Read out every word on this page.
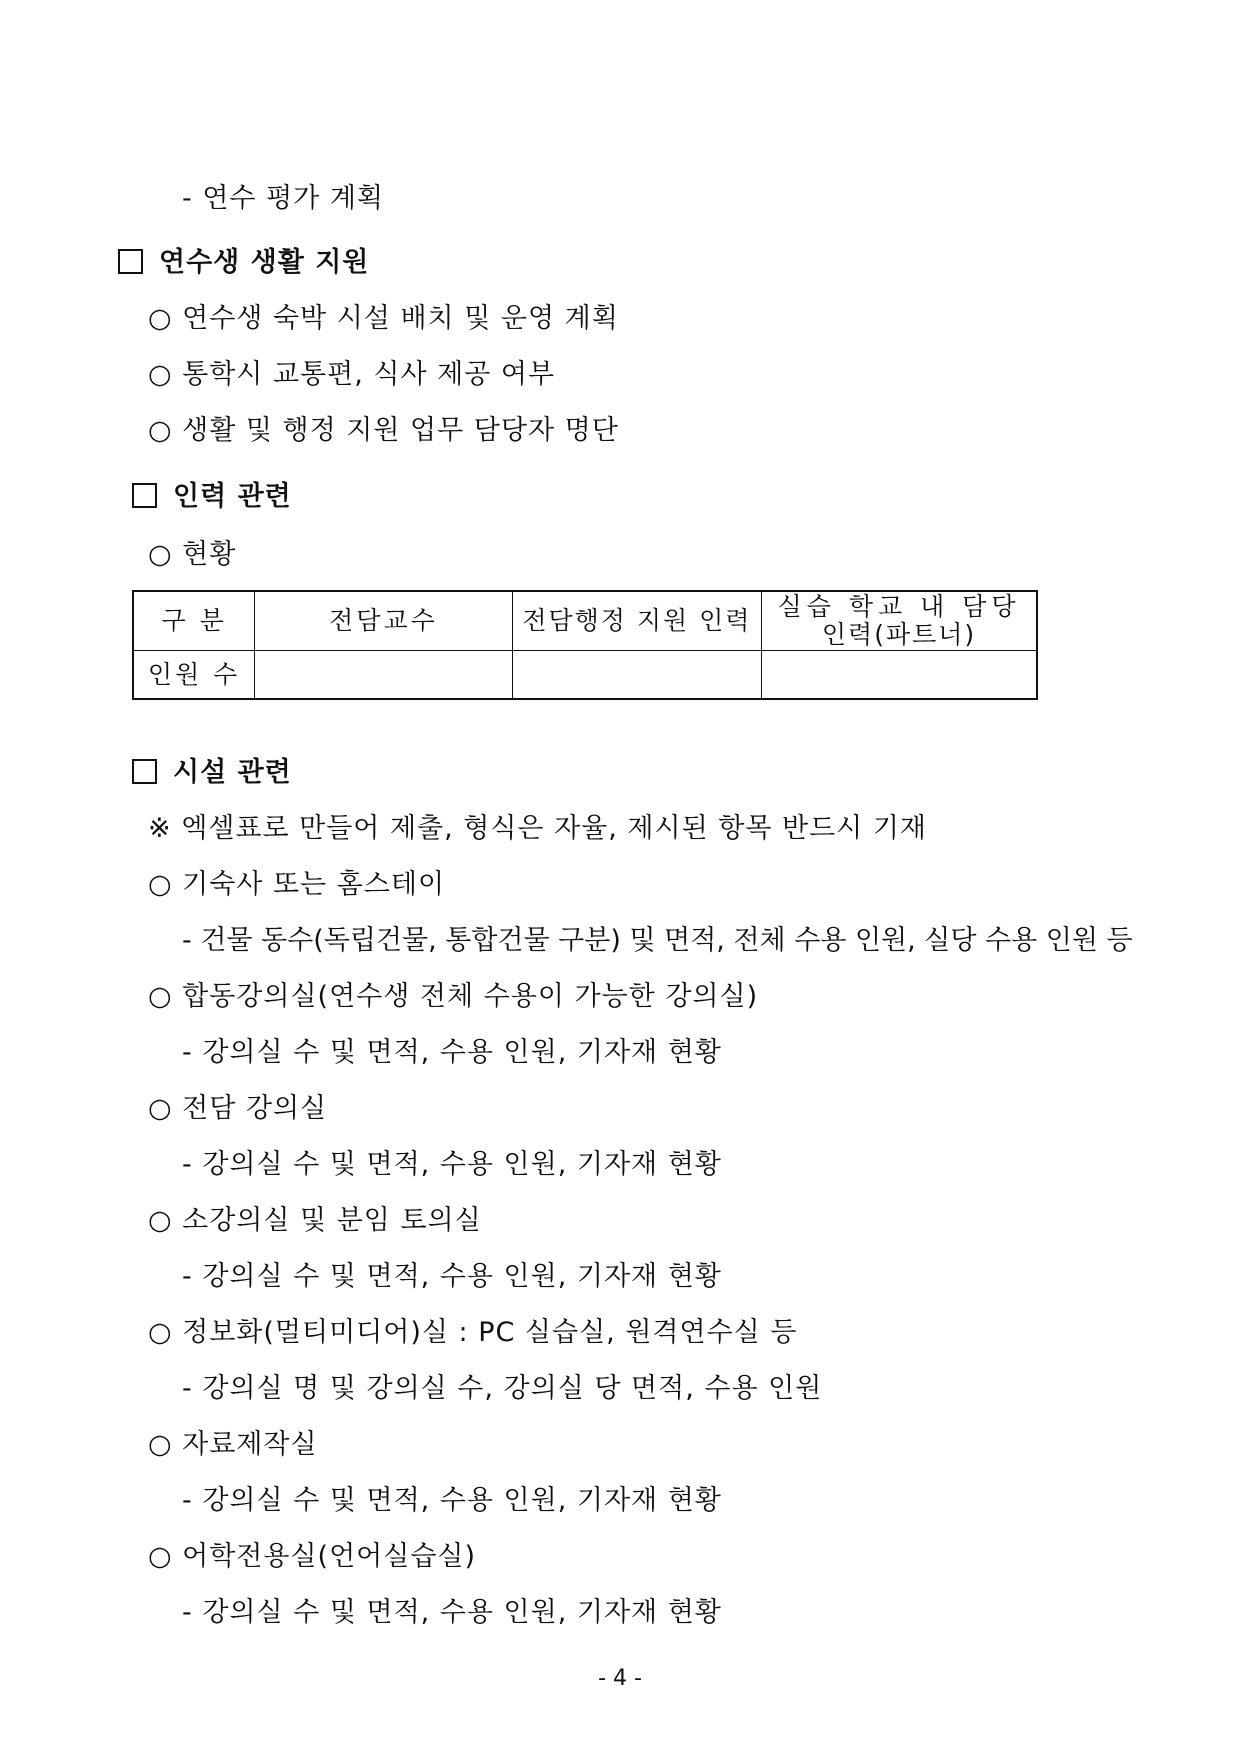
- 연수 평가 계획
연수생 생활 지원
○ 연수생 숙박 시설 배치 및 운영 계획
○ 통학시 교통편, 식사 제공 여부
○ 생활 및 행정 지원 업무 담당자 명단
인력 관련
○ 현황
구 분	전담교수	전담행정 지원 인력	실습 학교 내 담당
인력(파트너)

인원 수			
시설 관련
※ 엑셀표로 만들어 제출, 형식은 자율, 제시된 항목 반드시 기재
○ 기숙사 또는 홈스테이
- 건물 동수(독립건물, 통합건물 구분) 및 면적, 전체 수용 인원, 실당 수용 인원 등
○ 합동강의실(연수생 전체 수용이 가능한 강의실)
- 강의실 수 및 면적, 수용 인원, 기자재 현황
○ 전담 강의실
- 강의실 수 및 면적, 수용 인원, 기자재 현황
○ 소강의실 및 분임 토의실
- 강의실 수 및 면적, 수용 인원, 기자재 현황
○ 정보화(멀티미디어)실 : PC 실습실, 원격연수실 등
- 강의실 명 및 강의실 수, 강의실 당 면적, 수용 인원
○ 자료제작실
- 강의실 수 및 면적, 수용 인원, 기자재 현황
○ 어학전용실(언어실습실)
- 강의실 수 및 면적, 수용 인원, 기자재 현황
- 4 -
